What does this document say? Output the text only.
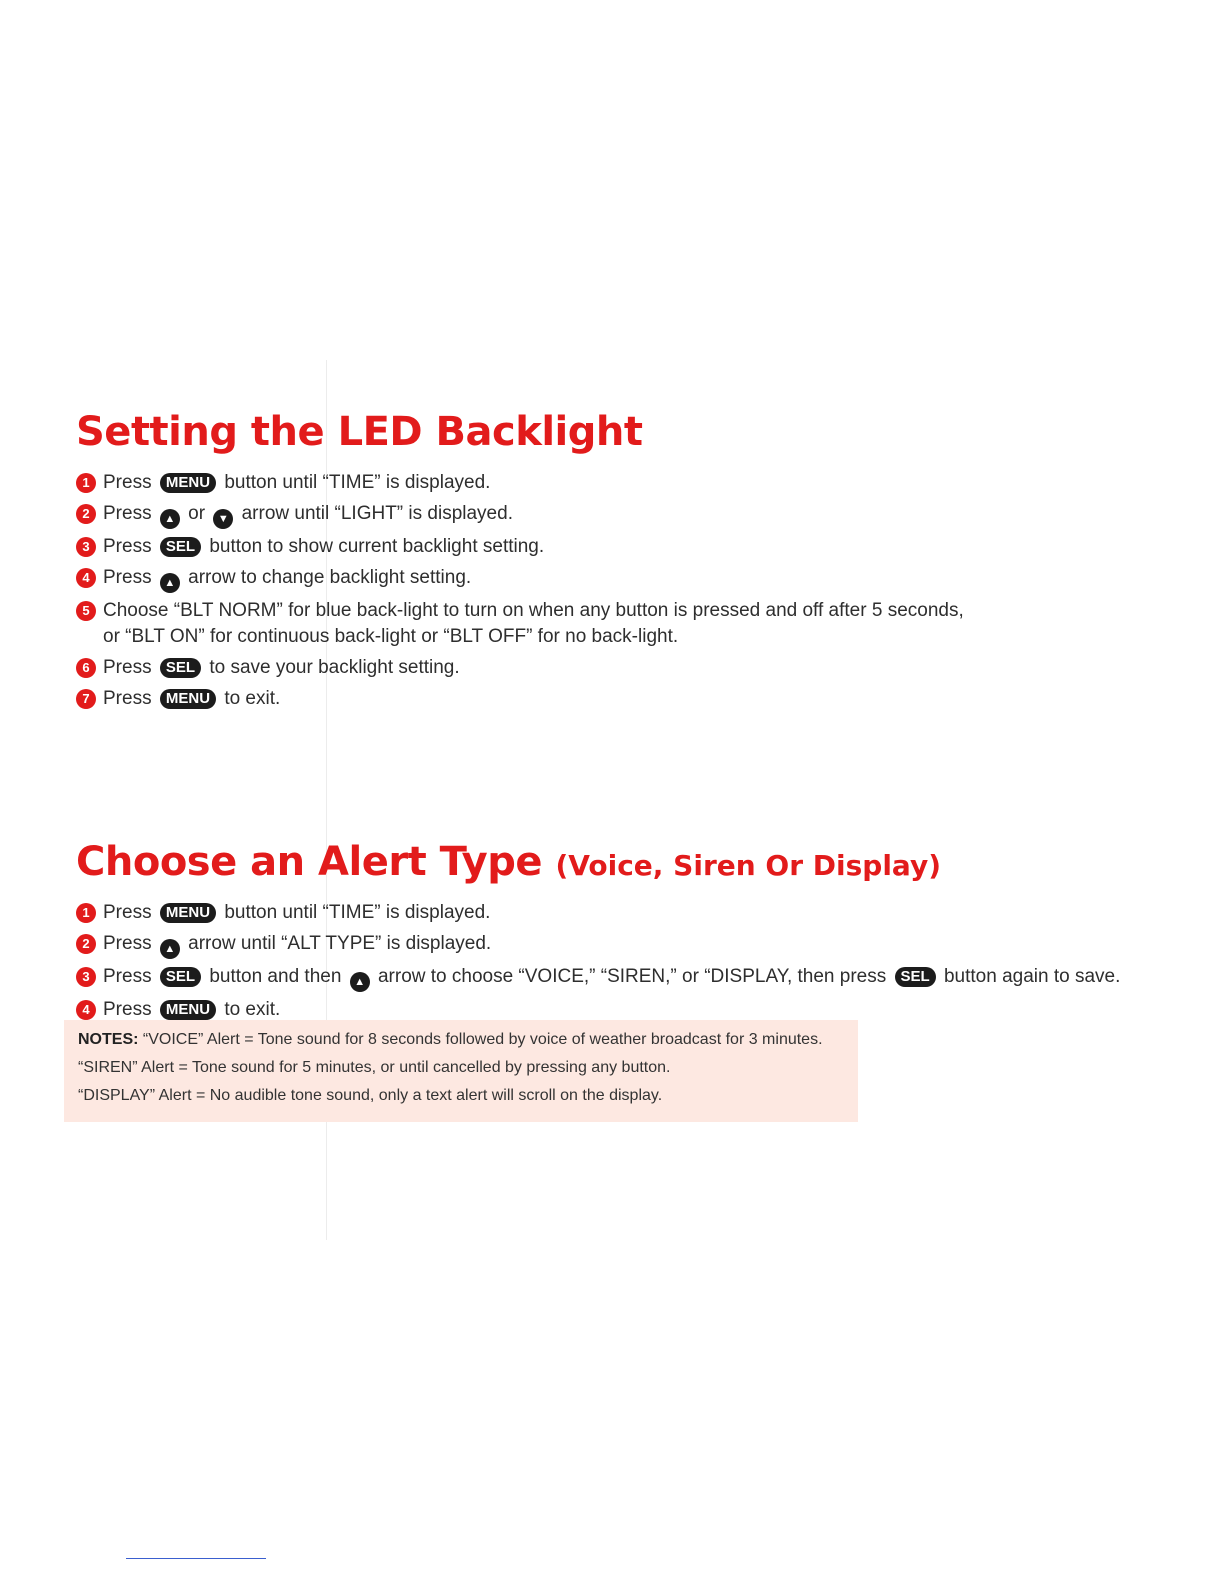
Setting the LED Backlight
1 Press MENU button until “TIME” is displayed.
2 Press ▲ or ▼ arrow until “LIGHT” is displayed.
3 Press SEL button to show current backlight setting.
4 Press ▲ arrow to change backlight setting.
5 Choose “BLT NORM” for blue back-light to turn on when any button is pressed and off after 5 seconds,
or “BLT ON” for continuous back-light or “BLT OFF” for no back-light.
6 Press SEL to save your backlight setting.
7 Press MENU to exit.
Choose an Alert Type (Voice, Siren Or Display)
1 Press MENU button until “TIME” is displayed.
2 Press ▲ arrow until “ALT TYPE” is displayed.
3 Press SEL button and then ▲ arrow to choose “VOICE,” “SIREN,” or “DISPLAY, then press SEL button again to save.
4 Press MENU to exit.
NOTES: “VOICE” Alert = Tone sound for 8 seconds followed by voice of weather broadcast for 3 minutes.
“SIREN” Alert = Tone sound for 5 minutes, or until cancelled by pressing any button.
“DISPLAY” Alert = No audible tone sound, only a text alert will scroll on the display.
